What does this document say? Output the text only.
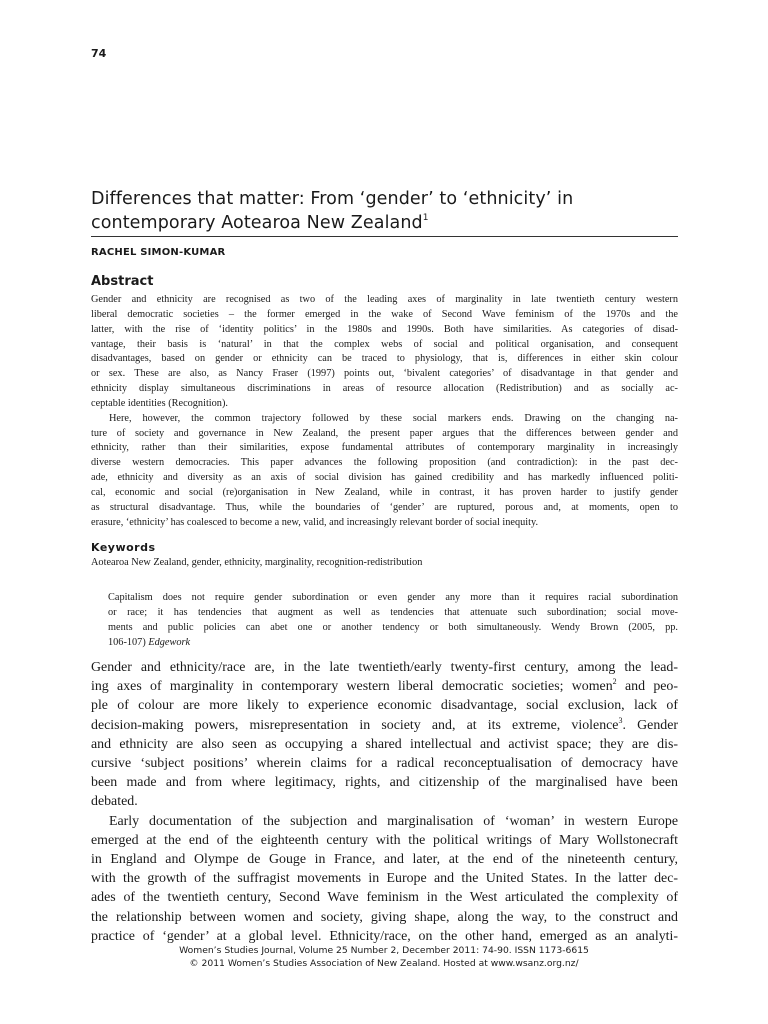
74
Differences that matter: From ‘gender’ to ‘ethnicity’ in
contemporary Aotearoa New Zealand$^1$
RACHEL SIMON-KUMAR
Abstract
Gender and ethnicity are recognised as two of the leading axes of marginality in late twentieth century western
liberal democratic societies – the former emerged in the wake of Second Wave feminism of the 1970s and the
latter, with the rise of ‘identity politics’ in the 1980s and 1990s. Both have similarities. As categories of disad-
vantage, their basis is ‘natural’ in that the complex webs of social and political organisation, and consequent
disadvantages, based on gender or ethnicity can be traced to physiology, that is, differences in either skin colour
or sex. These are also, as Nancy Fraser (1997) points out, ‘bivalent categories’ of disadvantage in that gender and
ethnicity display simultaneous discriminations in areas of resource allocation (Redistribution) and as socially ac-
ceptable identities (Recognition).
Here, however, the common trajectory followed by these social markers ends. Drawing on the changing na-
ture of society and governance in New Zealand, the present paper argues that the differences between gender and
ethnicity, rather than their similarities, expose fundamental attributes of contemporary marginality in increasingly
diverse western democracies. This paper advances the following proposition (and contradiction): in the past dec-
ade, ethnicity and diversity as an axis of social division has gained credibility and has markedly influenced politi-
cal, economic and social (re)organisation in New Zealand, while in contrast, it has proven harder to justify gender
as structural disadvantage. Thus, while the boundaries of ‘gender’ are ruptured, porous and, at moments, open to
erasure, ‘ethnicity’ has coalesced to become a new, valid, and increasingly relevant border of social inequity.
Keywords
Aotearoa New Zealand, gender, ethnicity, marginality, recognition-redistribution
Capitalism does not require gender subordination or even gender any more than it requires racial subordination
or race; it has tendencies that augment as well as tendencies that attenuate such subordination; social move-
ments and public policies can abet one or another tendency or both simultaneously. Wendy Brown (2005, pp.
106-107) Edgework
Gender and ethnicity/race are, in the late twentieth/early twenty-first century, among the lead-
ing axes of marginality in contemporary western liberal democratic societies; women$^2$ and peo-
ple of colour are more likely to experience economic disadvantage, social exclusion, lack of
decision-making powers, misrepresentation in society and, at its extreme, violence$^3$. Gender
and ethnicity are also seen as occupying a shared intellectual and activist space; they are dis-
cursive ‘subject positions’ wherein claims for a radical reconceptualisation of democracy have
been made and from where legitimacy, rights, and citizenship of the marginalised have been
debated.
Early documentation of the subjection and marginalisation of ‘woman’ in western Europe
emerged at the end of the eighteenth century with the political writings of Mary Wollstonecraft
in England and Olympe de Gouge in France, and later, at the end of the nineteenth century,
with the growth of the suffragist movements in Europe and the United States. In the latter dec-
ades of the twentieth century, Second Wave feminism in the West articulated the complexity of
the relationship between women and society, giving shape, along the way, to the construct and
practice of ‘gender’ at a global level. Ethnicity/race, on the other hand, emerged as an analyti-
Women’s Studies Journal, Volume 25 Number 2, December 2011: 74-90. ISSN 1173-6615
© 2011 Women’s Studies Association of New Zealand. Hosted at www.wsanz.org.nz/
